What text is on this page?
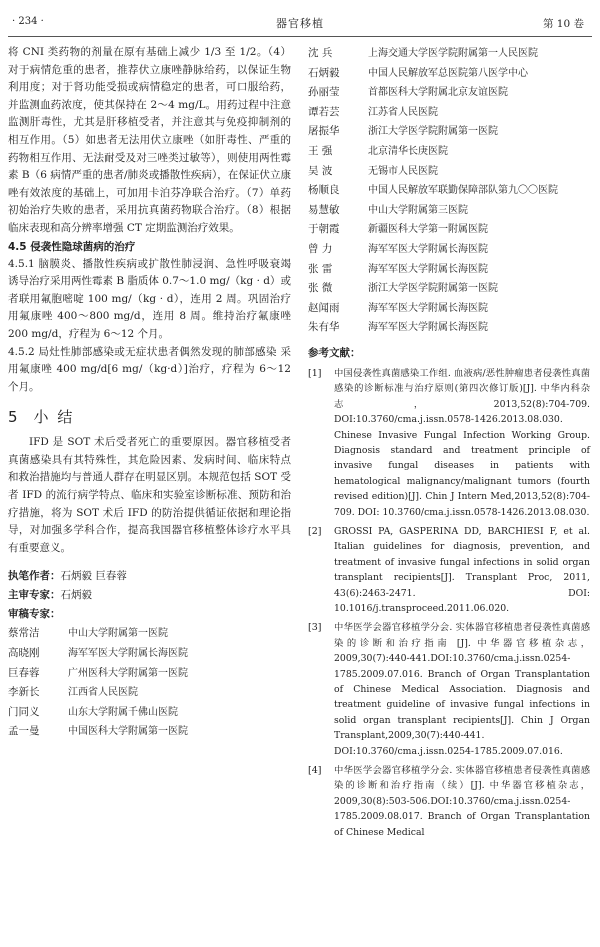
· 234 ·	器官移植	第 10 卷

将 CNI 类药物的剂量在原有基础上减少 1/3 至 1/2。（4）对于病情危重的患者，推荐伏立康唑静脉给药，以保证生物利用度；对于肾功能受损或病情稳定的患者，可口服给药，并监测血药浓度，使其保持在 2～4 mg/L。用药过程中注意监测肝毒性，尤其是肝移植受者，并注意其与免疫抑制剂的相互作用。（5）如患者无法用伏立康唑（如肝毒性、严重的药物相互作用、无法耐受及对三唑类过敏等），则使用两性霉素 B（6 病情严重的患者/肺炎或播散性疾病），在保证伏立康唑有效浓度的基础上，可加用卡泊芬净联合治疗。（7）单药初始治疗失败的患者，采用抗真菌药物联合治疗。（8）根据临床表现和高分辨率增强 CT 定期监测治疗效果。

4.5 侵袭性隐球菌病的治疗

4.5.1 脑膜炎、播散性疾病或扩散性肺浸润、急性呼吸衰竭 诱导治疗采用两性霉素 B 脂质体 0.7～1.0 mg/（kg · d）或者联用氟胞嘧啶 100 mg/（kg · d），连用 2 周。巩固治疗用氟康唑 400～800 mg/d，连用 8 周。维持治疗氟康唑 200 mg/d，疗程为 6～12 个月。

4.5.2 局灶性肺部感染或无症状患者偶然发现的肺部感染 采用氟康唑 400 mg/d[6 mg/（kg·d）]治疗，疗程为 6～12 个月。

5 小 结

IFD 是 SOT 术后受者死亡的重要原因。器官移植受者真菌感染具有其特殊性，其危险因素、发病时间、临床特点和救治措施均与普通人群存在明显区别。本规范包括 SOT 受者 IFD 的流行病学特点、临床和实验室诊断标准、预防和治疗措施，将为 SOT 术后 IFD 的防治提供循证依据和理论指导，对加强多学科合作，提高我国器官移植整体诊疗水平具有重要意义。

执笔作者：石炳毅 巨春蓉
主审专家：石炳毅
审稿专家：
蔡常洁	中山大学附属第一医院
高晓刚	海军军医大学附属长海医院
巨春蓉	广州医科大学附属第一医院
李新长	江西省人民医院
门同义	山东大学附属千佛山医院
孟一曼	中国医科大学附属第一医院
沈 兵	上海交通大学医学院附属第一人民医院
石炳毅	中国人民解放军总医院第八医学中心
孙丽莹	首都医科大学附属北京友谊医院
谭若芸	江苏省人民医院
屠振华	浙江大学医学院附属第一医院
王 强	北京清华长庚医院
吴 波	无锡市人民医院
杨顺良	中国人民解放军联勤保障部队第九〇〇医院
易慧敏	中山大学附属第三医院
于朝霞	新疆医科大学第一附属医院
曾 力	海军军医大学附属长海医院
张 雷	海军军医大学附属长海医院
张 微	浙江大学医学院附属第一医院
赵闻雨	海军军医大学附属长海医院
朱有华	海军军医大学附属长海医院
参考文献：
[1]	中国侵袭性真菌感染工作组. 血液病/恶性肿瘤患者侵袭性真菌感染的诊断标准与治疗原则(第四次修订版)[J]. 中华内科杂志，2013,52(8):704-709. DOI:10.3760/cma.j.issn.0578-1426.2013.08.030. Chinese Invasive Fungal Infection Working Group. Diagnosis standard and treatment principle of invasive fungal diseases in patients with hematological malignancy/malignant tumors (fourth revised edition)[J]. Chin J Intern Med,2013,52(8):704-709. DOI: 10.3760/cma.j.issn.0578-1426.2013.08.030.
[2]	GROSSI PA, GASPERINA DD, BARCHIESI F, et al. Italian guidelines for diagnosis, prevention, and treatment of invasive fungal infections in solid organ transplant recipients[J]. Transplant Proc, 2011, 43(6):2463-2471. DOI: 10.1016/j.transproceed.2011.06.020.
[3]	中华医学会器官移植学分会. 实体器官移植患者侵袭性真菌感染的诊断和治疗指南 [J]. 中华器官移植杂志，2009,30(7):440-441.DOI:10.3760/cma.j.issn.0254-1785.2009.07.016. Branch of Organ Transplantation of Chinese Medical Association. Diagnosis and treatment guideline of invasive fungal infections in solid organ transplant recipients[J]. Chin J Organ Transplant,2009,30(7):440-441. DOI:10.3760/cma.j.issn.0254-1785.2009.07.016.
[4]	中华医学会器官移植学分会. 实体器官移植患者侵袭性真菌感染的诊断和治疗指南（续）[J]. 中华器官移植杂志，2009,30(8):503-506.DOI:10.3760/cma.j.issn.0254-1785.2009.08.017. Branch of Organ Transplantation of Chinese Medical
